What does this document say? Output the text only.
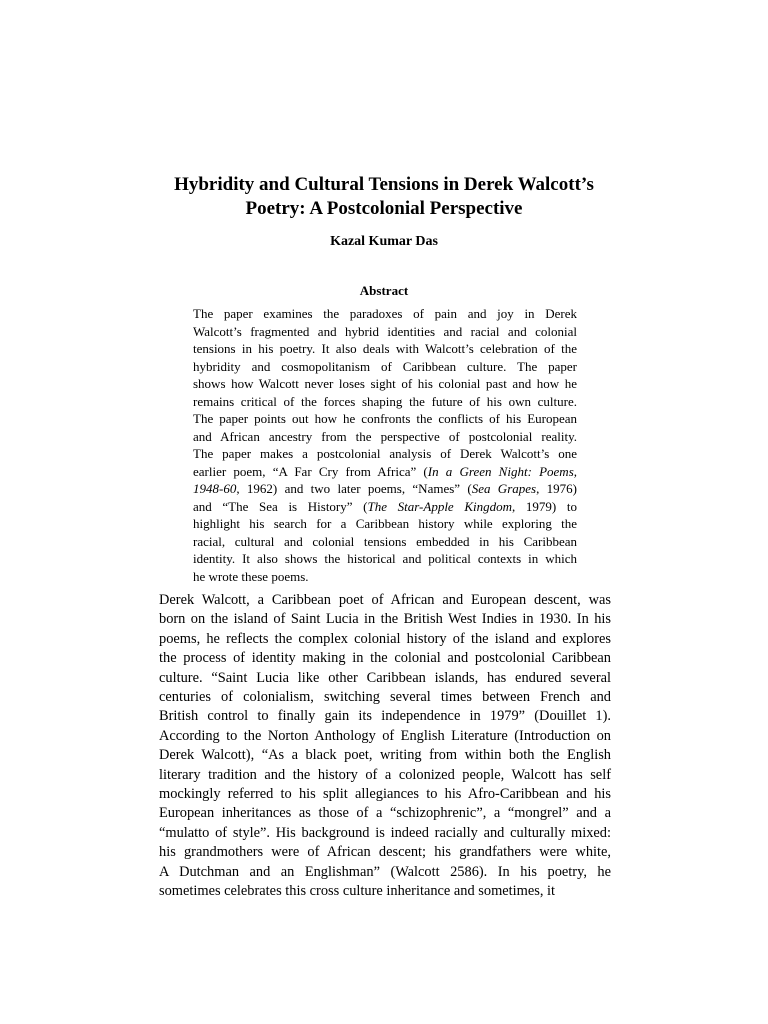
Hybridity and Cultural Tensions in Derek Walcott’s
Poetry: A Postcolonial Perspective

Kazal Kumar Das

Abstract

The paper examines the paradoxes of pain and joy in Derek
Walcott’s fragmented and hybrid identities and racial and colonial
tensions in his poetry. It also deals with Walcott’s celebration of the
hybridity and cosmopolitanism of Caribbean culture. The paper
shows how Walcott never loses sight of his colonial past and how he
remains critical of the forces shaping the future of his own culture.
The paper points out how he confronts the conflicts of his European
and African ancestry from the perspective of postcolonial reality.
The paper makes a postcolonial analysis of Derek Walcott’s one
earlier poem, “A Far Cry from Africa” (In a Green Night: Poems,
1948-60, 1962) and two later poems, “Names” (Sea Grapes, 1976)
and “The Sea is History” (The Star-Apple Kingdom, 1979) to
highlight his search for a Caribbean history while exploring the
racial, cultural and colonial tensions embedded in his Caribbean
identity. It also shows the historical and political contexts in which
he wrote these poems.
Derek Walcott, a Caribbean poet of African and European descent, was
born on the island of Saint Lucia in the British West Indies in 1930. In his
poems, he reflects the complex colonial history of the island and explores
the process of identity making in the colonial and postcolonial Caribbean
culture. “Saint Lucia like other Caribbean islands, has endured several
centuries of colonialism, switching several times between French and
British control to finally gain its independence in 1979” (Douillet 1).
According to the Norton Anthology of English Literature (Introduction on
Derek Walcott), “As a black poet, writing from within both the English
literary tradition and the history of a colonized people, Walcott has self
mockingly referred to his split allegiances to his Afro-Caribbean and his
European inheritances as those of a “schizophrenic”, a “mongrel” and a
“mulatto of style”. His background is indeed racially and culturally mixed:
his grandmothers were of African descent; his grandfathers were white,
A Dutchman and an Englishman” (Walcott 2586). In his poetry, he
sometimes celebrates this cross culture inheritance and sometimes, it
